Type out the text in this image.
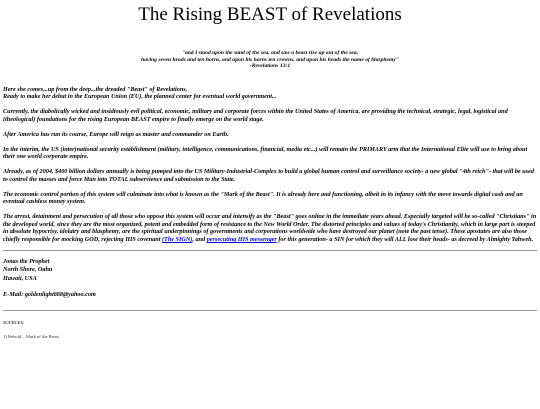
The Rising BEAST of Revelations
"and I stood upon the sand of the sea, and saw a beast rise up out of the sea,
having seven heads and ten horns, and upon his horns ten crowns, and upon his heads the name of blasphemy"
-Revelations 13:1

Here she comes...up from the deep...the dreaded "Beast" of Revelations.
Ready to make her debut in the European Union (EU), the planned center for eventual world government...

Currently, the diabolically wicked and insidiously evil political, economic, military and corporate forces within the United States of America, are providing the technical, strategic, legal, logistical and (theological) foundations for the rising European BEAST empire to finally emerge on the world stage.

After America has run its course, Europe will reign as master and commander on Earth.

In the interim, the US (inter)national security establishment (military, intelligence, communications, financial, media etc...) will remain the PRIMARY arm that the International Elite will use to bring about their one world corporate empire.

Already, as of 2004, $400 billion dollars annually is being pumped into the US Military-Industrial-Complex to build a global human control and surveillance society- a new global "4th reich"- that will be used to control the masses and force Man into TOTAL subservience and submission to the State.

The economic control portion of this system will culminate into what is known as the "Mark of the Beast". It is already here and functioning, albeit in its infancy with the move towards digital cash and an eventual cashless money system.

The arrest, detainment and persecution of all those who oppose this system will occur and intensify as the "Beast" goes online in the immediate years ahead. Especially targeted will be so-called "Christians" in the developed world, since they are the most organized, potent and embedded form of resistance to the New World Order. The distorted principles and values of today's Christianity, which in large part is steeped in absolute hypocrisy, idolatry and blasphemy, are the spiritual underpinnings of governments and corporations worldwide who have destroyed our planet (note the past tense). These apostates are also those chiefly responsible for mocking GOD, rejecting HIS covenant (The SIGN), and persecuting HIS messenger for this generation- a SIN for which they will ALL lose their heads- as decreed by Almighty Yahweh.

Jonas the Prophet
North Shore, Oahu
Hawaii, USA
E-Mail: goldenlight888@yahoo.com
SOURCES:
1) Behold... Mark of the Beast
